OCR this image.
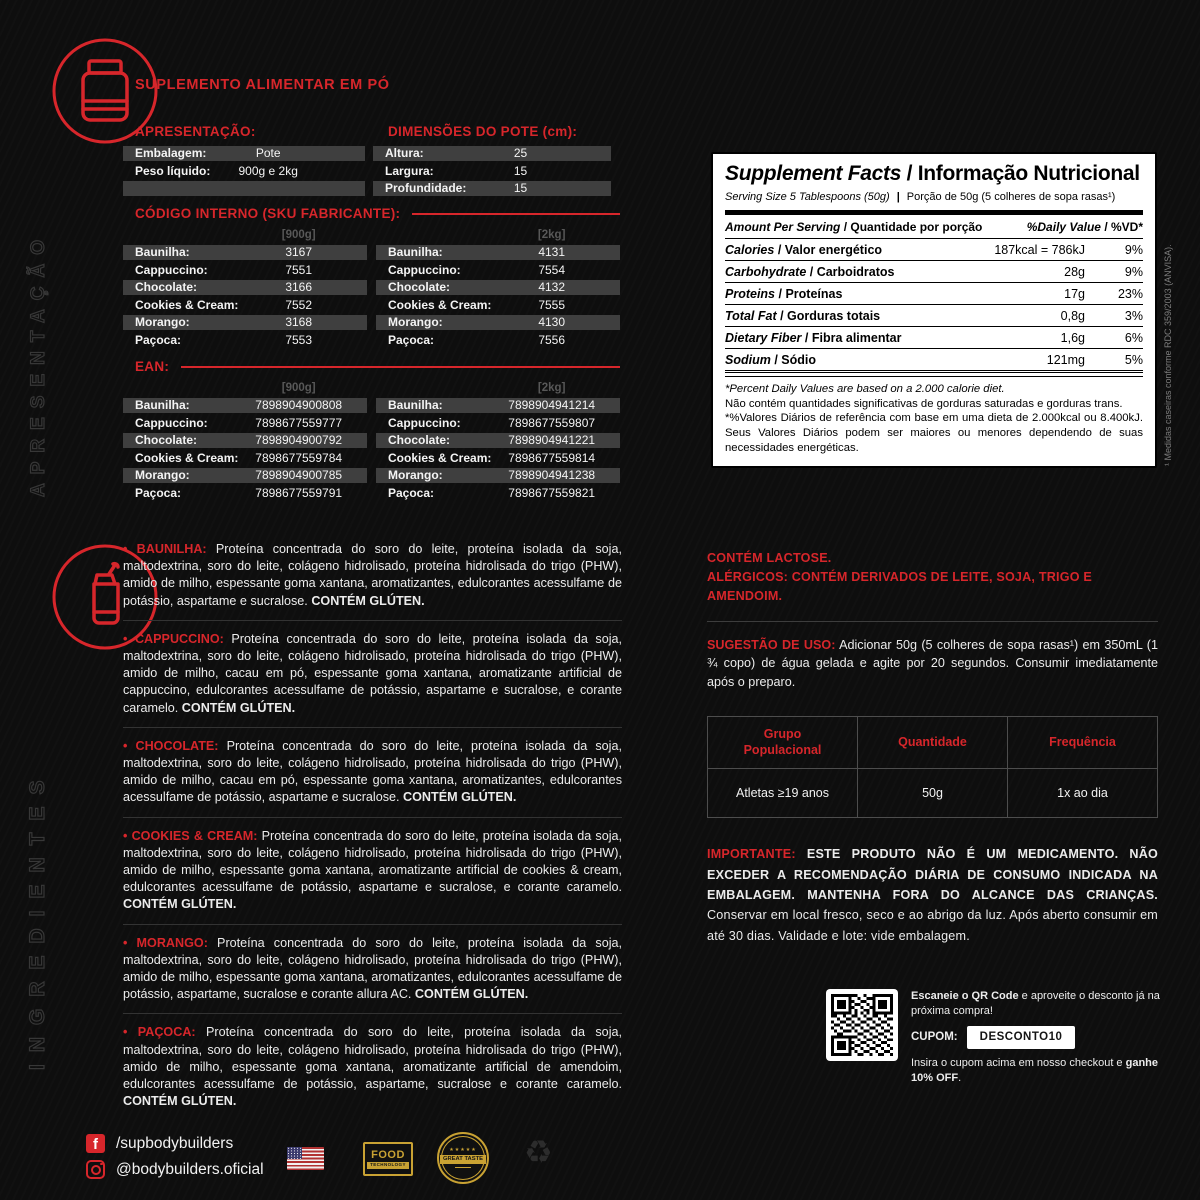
APRESENTAÇÃO
INGREDIENTES
SUPLEMENTO ALIMENTAR EM PÓ
APRESENTAÇÃO:
Embalagem:	Pote
Peso líquido:	900g e 2kg
DIMENSÕES DO POTE (cm):
Altura:	25
Largura:	15
Profundidade:	15
CÓDIGO INTERNO (SKU FABRICANTE):
[900g]
Baunilha:	3167
Cappuccino:	7551
Chocolate:	3166
Cookies & Cream:	7552
Morango:	3168
Paçoca:	7553
[2kg]
Baunilha:	4131
Cappuccino:	7554
Chocolate:	4132
Cookies & Cream:	7555
Morango:	4130
Paçoca:	7556
EAN:
[900g]
Baunilha:	7898904900808
Cappuccino:	7898677559777
Chocolate:	7898904900792
Cookies & Cream:	7898677559784
Morango:	7898904900785
Paçoca:	7898677559791
[2kg]
Baunilha:	7898904941214
Cappuccino:	7898677559807
Chocolate:	7898904941221
Cookies & Cream:	7898677559814
Morango:	7898904941238
Paçoca:	7898677559821
Supplement Facts / Informação Nutricional
Serving Size 5 Tablespoons (50g) | Porção de 50g (5 colheres de sopa rasas¹)
Amount Per Serving / Quantidade por porção	%Daily Value / %VD*
Calories / Valor energético	187kcal = 786kJ	9%
Carbohydrate / Carboidratos	28g	9%
Proteins / Proteínas	17g	23%
Total Fat / Gorduras totais	0,8g	3%
Dietary Fiber / Fibra alimentar	1,6g	6%
Sodium / Sódio	121mg	5%
*Percent Daily Values are based on a 2.000 calorie diet.
Não contém quantidades significativas de gorduras saturadas e gorduras trans.
*%Valores Diários de referência com base em uma dieta de 2.000kcal ou 8.400kJ. Seus Valores Diários podem ser maiores ou menores dependendo de suas necessidades energéticas.	¹ Medidas caseiras conforme RDC 359/2003 (ANVISA).

• BAUNILHA: Proteína concentrada do soro do leite, proteína isolada da soja, maltodextrina, soro do leite, colágeno hidrolisado, proteína hidrolisada do trigo (PHW), amido de milho, espessante goma xantana, aromatizantes, edulcorantes acessulfame de potássio, aspartame e sucralose. CONTÉM GLÚTEN.

• CAPPUCCINO: Proteína concentrada do soro do leite, proteína isolada da soja, maltodextrina, soro do leite, colágeno hidrolisado, proteína hidrolisada do trigo (PHW), amido de milho, cacau em pó, espessante goma xantana, aromatizante artificial de cappuccino, edulcorantes acessulfame de potássio, aspartame e sucralose, e corante caramelo. CONTÉM GLÚTEN.

• CHOCOLATE: Proteína concentrada do soro do leite, proteína isolada da soja, maltodextrina, soro do leite, colágeno hidrolisado, proteína hidrolisada do trigo (PHW), amido de milho, cacau em pó, espessante goma xantana, aromatizantes, edulcorantes acessulfame de potássio, aspartame e sucralose. CONTÉM GLÚTEN.

• COOKIES & CREAM: Proteína concentrada do soro do leite, proteína isolada da soja, maltodextrina, soro do leite, colágeno hidrolisado, proteína hidrolisada do trigo (PHW), amido de milho, espessante goma xantana, aromatizante artificial de cookies & cream, edulcorantes acessulfame de potássio, aspartame e sucralose, e corante caramelo. CONTÉM GLÚTEN.

• MORANGO: Proteína concentrada do soro do leite, proteína isolada da soja, maltodextrina, soro do leite, colágeno hidrolisado, proteína hidrolisada do trigo (PHW), amido de milho, espessante goma xantana, aromatizantes, edulcorantes acessulfame de potássio, aspartame, sucralose e corante allura AC. CONTÉM GLÚTEN.

• PAÇOCA: Proteína concentrada do soro do leite, proteína isolada da soja, maltodextrina, soro do leite, colágeno hidrolisado, proteína hidrolisada do trigo (PHW), amido de milho, espessante goma xantana, aromatizante artificial de amendoim, edulcorantes acessulfame de potássio, aspartame, sucralose e corante caramelo. CONTÉM GLÚTEN.

CONTÉM LACTOSE.
ALÉRGICOS: CONTÉM DERIVADOS DE LEITE, SOJA, TRIGO E AMENDOIM.

SUGESTÃO DE USO: Adicionar 50g (5 colheres de sopa rasas¹) em 350mL (1 ¾ copo) de água gelada e agite por 20 segundos. Consumir imediatamente após o preparo.

Grupo Populacional	Quantidade	Frequência
Atletas ≥19 anos	50g	1x ao dia

IMPORTANTE: ESTE PRODUTO NÃO É UM MEDICAMENTO. NÃO EXCEDER A RECOMENDAÇÃO DIÁRIA DE CONSUMO INDICADA NA EMBALAGEM. MANTENHA FORA DO ALCANCE DAS CRIANÇAS. Conservar em local fresco, seco e ao abrigo da luz. Após aberto consumir em até 30 dias. Validade e lote: vide embalagem.

Escaneie o QR Code e aproveite o desconto já na próxima compra!
CUPOM:	DESCONTO10
Insira o cupom acima em nosso checkout e ganhe 10% OFF.
f	/supbodybuilders
@bodybuilders.oficial
FOOD
TECHNOLOGY
★★★★★
GREAT TASTE ♻
